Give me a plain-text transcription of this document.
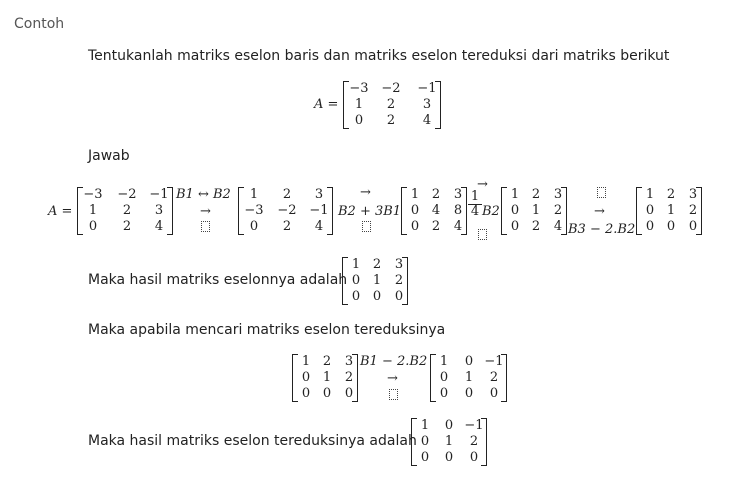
Contoh
Tentukanlah matriks eselon baris dan matriks eselon tereduksi dari matriks berikut
A =
−3 −2 −1
1	2	3
0	2	4
Jawab
A =
−3 −2 −1
1	2	3
0	2	4
B1 ↔ B2
→
1	2	3
−3 −2 −1
0	2	4
→
B2 + 3B1
1 2	3
0 4	8
0 2	4
→
$\frac{1}{4} B2$
1 2	3
0 1	2
0 2	4
→
B3 − 2.B2
1 2	3
0 1	2
0 0	0
Maka hasil matriks eselonnya adalah
1 2	3
0 1	2
0 0	0
Maka apabila mencari matriks eselon tereduksinya
1 2	3
0 1	2
0 0	0
B1 − 2.B2
→
1	0 −1
0	1	2
0	0	0
Maka hasil matriks eselon tereduksinya adalah
1	0 −1
0	1	2
0	0	0
